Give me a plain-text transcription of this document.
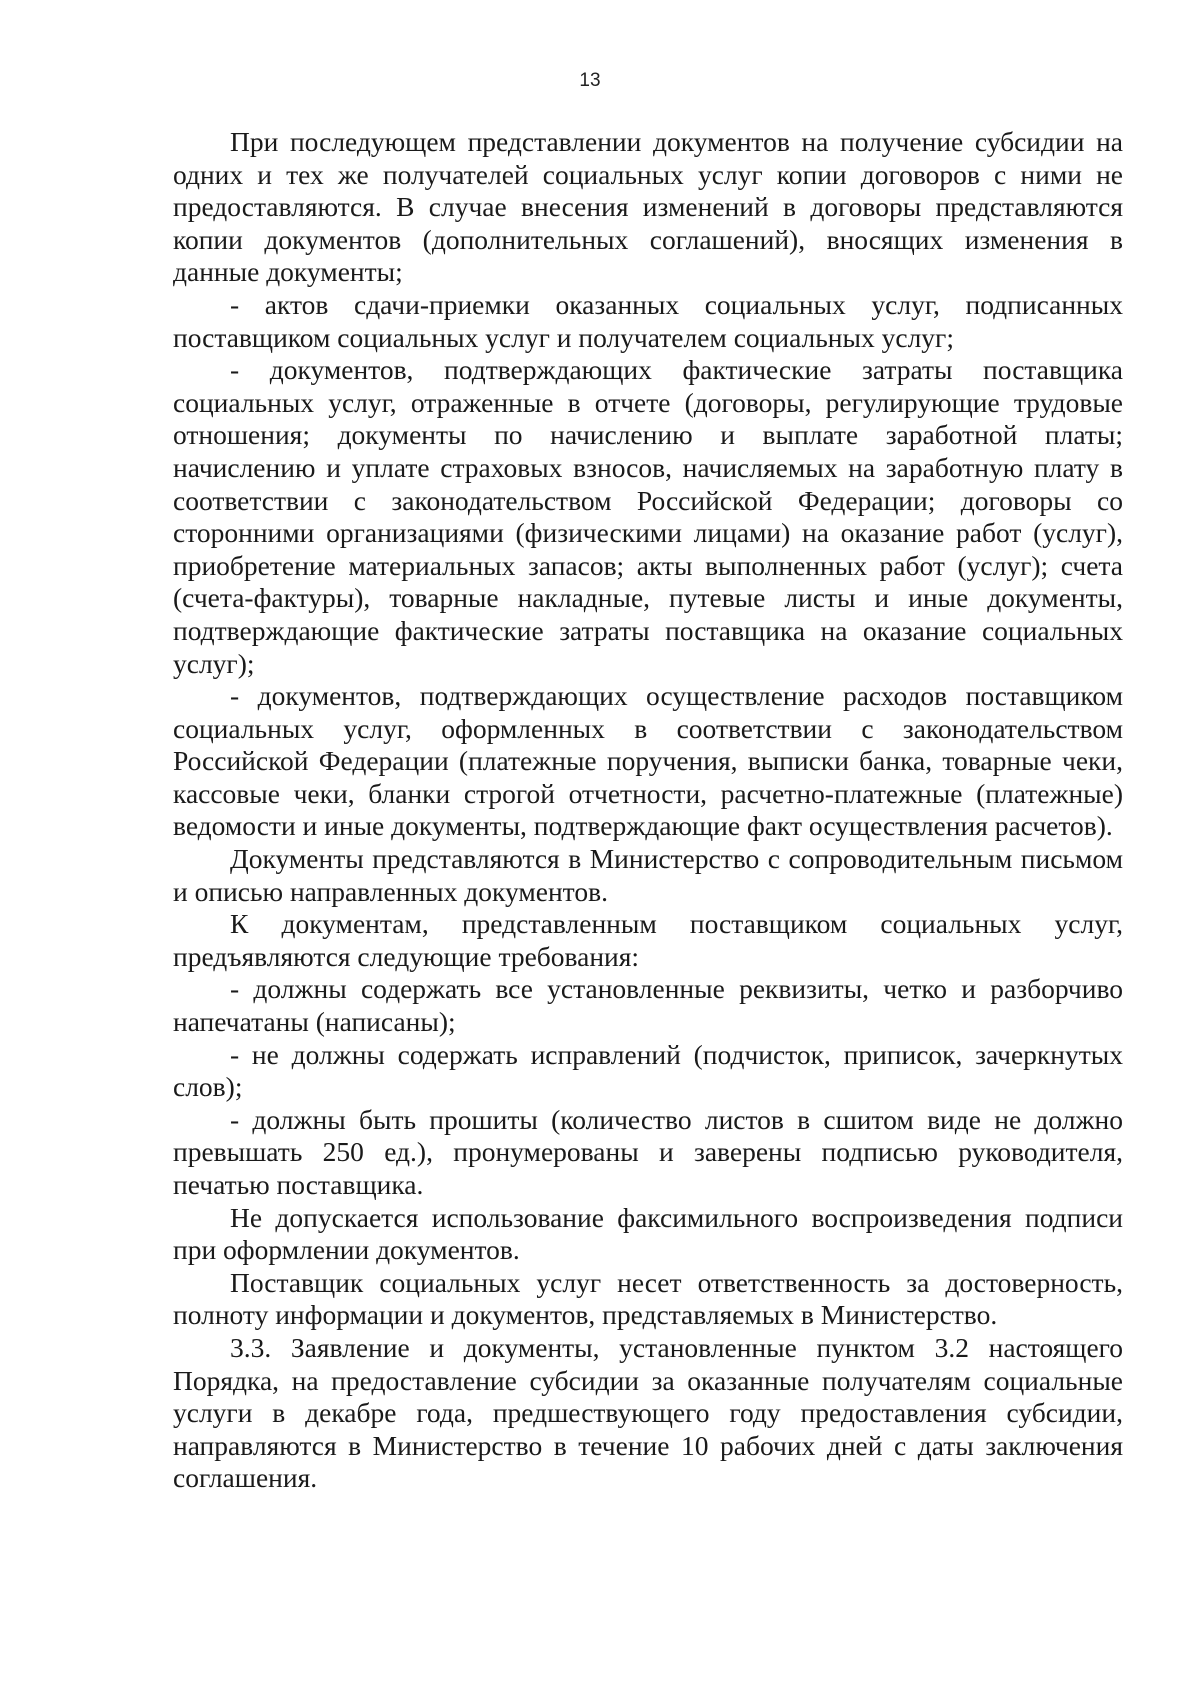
13

При последующем представлении документов на получение субсидии на одних и тех же получателей социальных услуг копии договоров с ними не предоставляются. В случае внесения изменений в договоры представляются копии документов (дополнительных соглашений), вносящих изменения в данные документы;

- актов сдачи-приемки оказанных социальных услуг, подписанных поставщиком социальных услуг и получателем социальных услуг;

- документов, подтверждающих фактические затраты поставщика социальных услуг, отраженные в отчете (договоры, регулирующие трудовые отношения; документы по начислению и выплате заработной платы; начислению и уплате страховых взносов, начисляемых на заработную плату в соответствии с законодательством Российской Федерации; договоры со сторонними организациями (физическими лицами) на оказание работ (услуг), приобретение материальных запасов; акты выполненных работ (услуг); счета (счета-фактуры), товарные накладные, путевые листы и иные документы, подтверждающие фактические затраты поставщика на оказание социальных услуг);

- документов, подтверждающих осуществление расходов поставщиком социальных услуг, оформленных в соответствии с законодательством Российской Федерации (платежные поручения, выписки банка, товарные чеки, кассовые чеки, бланки строгой отчетности, расчетно-платежные (платежные) ведомости и иные документы, подтверждающие факт осуществления расчетов).

Документы представляются в Министерство с сопроводительным письмом и описью направленных документов.

К документам, представленным поставщиком социальных услуг, предъявляются следующие требования:

- должны содержать все установленные реквизиты, четко и разборчиво напечатаны (написаны);

- не должны содержать исправлений (подчисток, приписок, зачеркнутых слов);

- должны быть прошиты (количество листов в сшитом виде не должно превышать 250 ед.), пронумерованы и заверены подписью руководителя, печатью поставщика.

Не допускается использование факсимильного воспроизведения подписи при оформлении документов.

Поставщик социальных услуг несет ответственность за достоверность, полноту информации и документов, представляемых в Министерство.

3.3. Заявление и документы, установленные пунктом 3.2 настоящего Порядка, на предоставление субсидии за оказанные получателям социальные услуги в декабре года, предшествующего году предоставления субсидии, направляются в Министерство в течение 10 рабочих дней с даты заключения соглашения.
